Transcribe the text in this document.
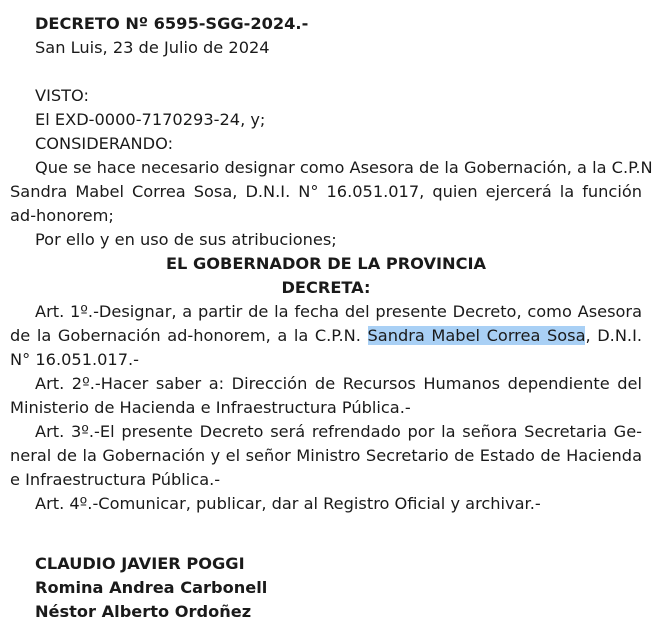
DECRETO Nº 6595-SGG-2024.-
San Luis, 23 de Julio de 2024
VISTO:
El EXD-0000-7170293-24, y;
CONSIDERANDO:
Que se hace necesario designar como Asesora de la Gobernación, a la C.P.N
Sandra Mabel Correa Sosa, D.N.I. N° 16.051.017, quien ejercerá la función
ad-honorem;
Por ello y en uso de sus atribuciones;
EL GOBERNADOR DE LA PROVINCIA
DECRETA:
Art. 1º.-Designar, a partir de la fecha del presente Decreto, como Asesora
de la Gobernación ad-honorem, a la C.P.N. Sandra Mabel Correa Sosa, D.N.I.
N° 16.051.017.-
Art. 2º.-Hacer saber a: Dirección de Recursos Humanos dependiente del
Ministerio de Hacienda e Infraestructura Pública.-
Art. 3º.-El presente Decreto será refrendado por la señora Secretaria Ge-
neral de la Gobernación y el señor Ministro Secretario de Estado de Hacienda
e Infraestructura Pública.-
Art. 4º.-Comunicar, publicar, dar al Registro Oficial y archivar.-
CLAUDIO JAVIER POGGI
Romina Andrea Carbonell
Néstor Alberto Ordoñez
